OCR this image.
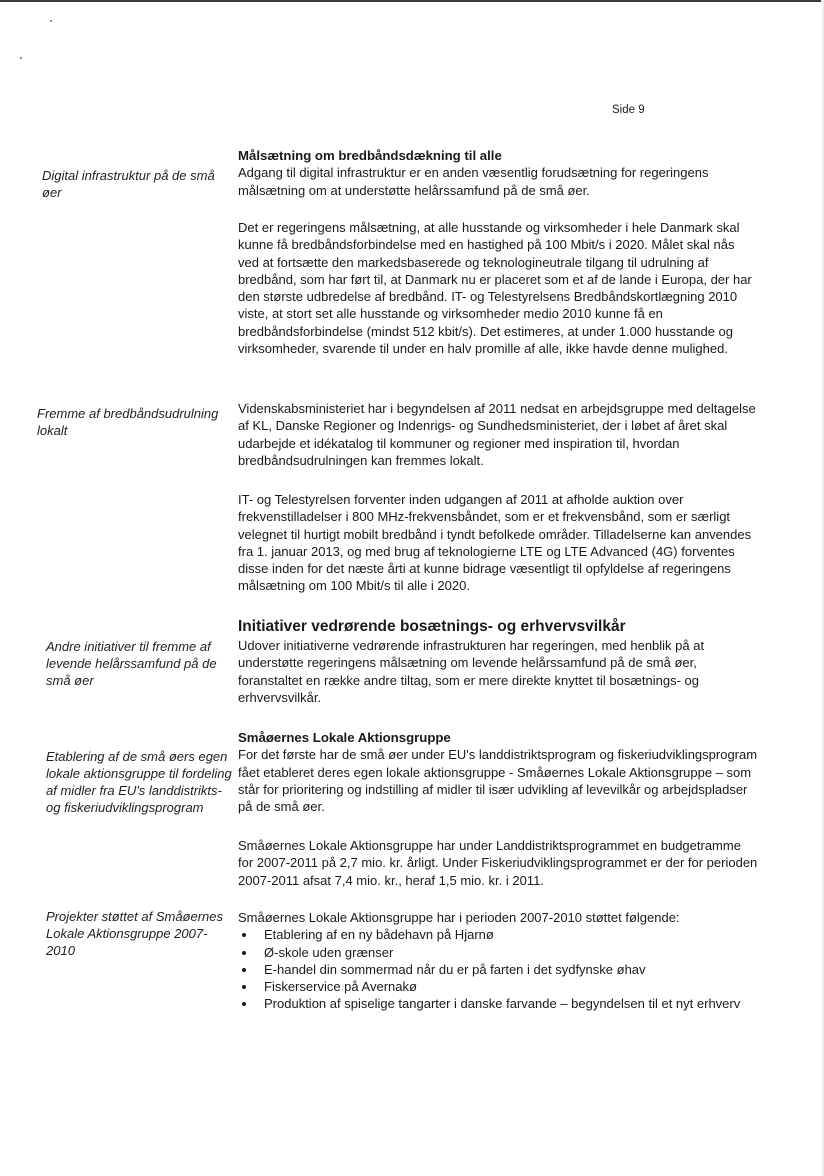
Side 9
Digital infrastruktur på de små øer
Fremme af bredbåndsudrulning lokalt
Andre initiativer til fremme af levende helårssamfund på de små øer
Etablering af de små øers egen lokale aktionsgruppe til fordeling af midler fra EU's landdistrikts- og fiskeriudviklingsprogram
Projekter støttet af Småøernes Lokale Aktionsgruppe 2007-2010
Målsætning om bredbåndsdækning til alle

Adgang til digital infrastruktur er en anden væsentlig forudsætning for regeringens målsætning om at understøtte helårssamfund på de små øer.

Det er regeringens målsætning, at alle husstande og virksomheder i hele Danmark skal kunne få bredbåndsforbindelse med en hastighed på 100 Mbit/s i 2020. Målet skal nås ved at fortsætte den markedsbaserede og teknologineutrale tilgang til udrulning af bredbånd, som har ført til, at Danmark nu er placeret som et af de lande i Europa, der har den største udbredelse af bredbånd. IT- og Telestyrelsens Bredbåndskortlægning 2010 viste, at stort set alle husstande og virksomheder medio 2010 kunne få en bredbåndsforbindelse (mindst 512 kbit/s). Det estimeres, at under 1.000 husstande og virksomheder, svarende til under en halv promille af alle, ikke havde denne mulighed.

Videnskabsministeriet har i begyndelsen af 2011 nedsat en arbejdsgruppe med deltagelse af KL, Danske Regioner og Indenrigs- og Sundhedsministeriet, der i løbet af året skal udarbejde et idékatalog til kommuner og regioner med inspiration til, hvordan bredbåndsudrulningen kan fremmes lokalt.

IT- og Telestyrelsen forventer inden udgangen af 2011 at afholde auktion over frekvenstilladelser i 800 MHz-frekvensbåndet, som er et frekvensbånd, som er særligt velegnet til hurtigt mobilt bredbånd i tyndt befolkede områder. Tilladelserne kan anvendes fra 1. januar 2013, og med brug af teknologierne LTE og LTE Advanced (4G) forventes disse inden for det næste årti at kunne bidrage væsentligt til opfyldelse af regeringens målsætning om 100 Mbit/s til alle i 2020.

Initiativer vedrørende bosætnings- og erhvervsvilkår

Udover initiativerne vedrørende infrastrukturen har regeringen, med henblik på at understøtte regeringens målsætning om levende helårssamfund på de små øer, foranstaltet en række andre tiltag, som er mere direkte knyttet til bosætnings- og erhvervsvilkår.

Småøernes Lokale Aktionsgruppe

For det første har de små øer under EU's landdistriktsprogram og fiskeriudviklingsprogram fået etableret deres egen lokale aktionsgruppe - Småøernes Lokale Aktionsgruppe – som står for prioritering og indstilling af midler til især udvikling af levevilkår og arbejdspladser på de små øer.

Småøernes Lokale Aktionsgruppe har under Landdistriktsprogrammet en budgetramme for 2007-2011 på 2,7 mio. kr. årligt. Under Fiskeriudviklingsprogrammet er der for perioden 2007-2011 afsat 7,4 mio. kr., heraf 1,5 mio. kr. i 2011.

Småøernes Lokale Aktionsgruppe har i perioden 2007-2010 støttet følgende:

Etablering af en ny bådehavn på Hjarnø
Ø-skole uden grænser
E-handel din sommermad når du er på farten i det sydfynske øhav
Fiskerservice på Avernakø
Produktion af spiselige tangarter i danske farvande – begyndelsen til et nyt erhverv
